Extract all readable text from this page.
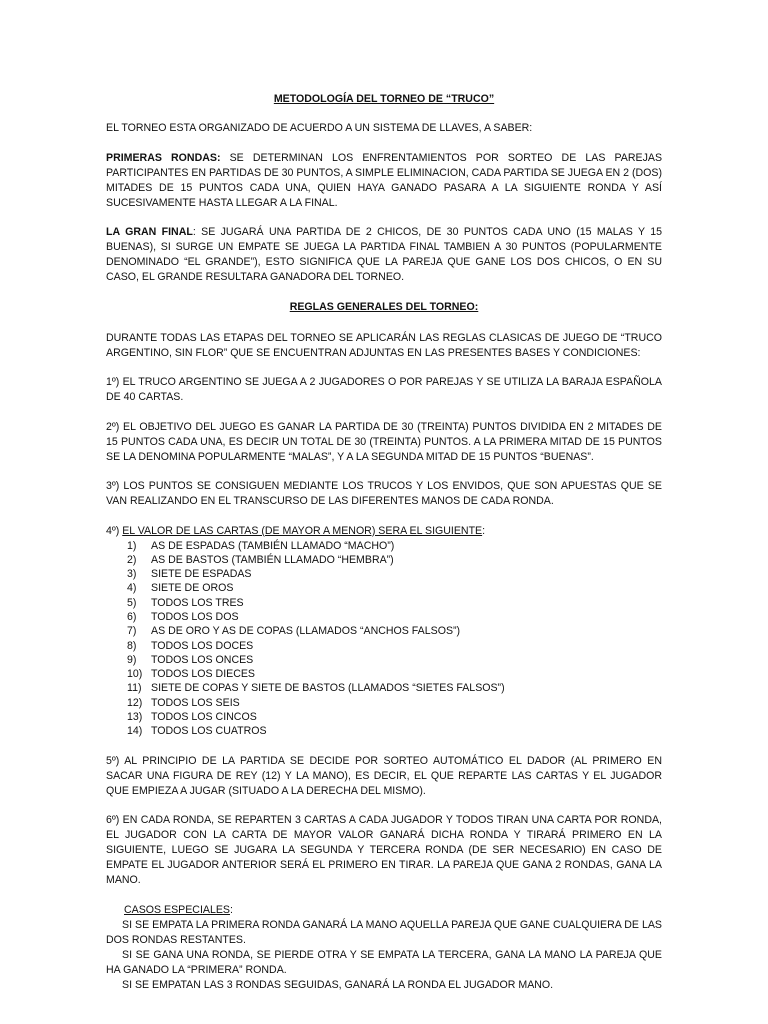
METODOLOGÍA DEL TORNEO DE “TRUCO”

EL TORNEO ESTA ORGANIZADO DE ACUERDO A UN SISTEMA DE LLAVES, A SABER:

PRIMERAS RONDAS: SE DETERMINAN LOS ENFRENTAMIENTOS POR SORTEO DE LAS PAREJAS PARTICIPANTES EN PARTIDAS DE 30 PUNTOS, A SIMPLE ELIMINACION, CADA PARTIDA SE JUEGA EN 2 (DOS) MITADES DE 15 PUNTOS CADA UNA, QUIEN HAYA GANADO PASARA A LA SIGUIENTE RONDA Y ASÍ SUCESIVAMENTE HASTA LLEGAR A LA FINAL.

LA GRAN FINAL: SE JUGARÁ UNA PARTIDA DE 2 CHICOS, DE 30 PUNTOS CADA UNO (15 MALAS Y 15 BUENAS), SI SURGE UN EMPATE SE JUEGA LA PARTIDA FINAL TAMBIEN A 30 PUNTOS (POPULARMENTE DENOMINADO “EL GRANDE”), ESTO SIGNIFICA QUE LA PAREJA QUE GANE LOS DOS CHICOS, O EN SU CASO, EL GRANDE RESULTARA GANADORA DEL TORNEO.

REGLAS GENERALES DEL TORNEO:

DURANTE TODAS LAS ETAPAS DEL TORNEO SE APLICARÁN LAS REGLAS CLASICAS DE JUEGO DE “TRUCO ARGENTINO, SIN FLOR” QUE SE ENCUENTRAN ADJUNTAS EN LAS PRESENTES BASES Y CONDICIONES:

1º) EL TRUCO ARGENTINO SE JUEGA A 2 JUGADORES O POR PAREJAS Y SE UTILIZA LA BARAJA ESPAÑOLA DE 40 CARTAS.

2º) EL OBJETIVO DEL JUEGO ES GANAR LA PARTIDA DE 30 (TREINTA) PUNTOS DIVIDIDA EN 2 MITADES DE 15 PUNTOS CADA UNA, ES DECIR UN TOTAL DE 30 (TREINTA) PUNTOS. A LA PRIMERA MITAD DE 15 PUNTOS SE LA DENOMINA POPULARMENTE “MALAS”, Y A LA SEGUNDA MITAD DE 15 PUNTOS “BUENAS”.

3º) LOS PUNTOS SE CONSIGUEN MEDIANTE LOS TRUCOS Y LOS ENVIDOS, QUE SON APUESTAS QUE SE VAN REALIZANDO EN EL TRANSCURSO DE LAS DIFERENTES MANOS DE CADA RONDA.

4º) EL VALOR DE LAS CARTAS (DE MAYOR A MENOR) SERA EL SIGUIENTE:

1)	AS DE ESPADAS (TAMBIÉN LLAMADO “MACHO”)
2)	AS DE BASTOS (TAMBIÉN LLAMADO “HEMBRA”)
3)	SIETE DE ESPADAS
4)	SIETE DE OROS
5)	TODOS LOS TRES
6)	TODOS LOS DOS
7)	AS DE ORO Y AS DE COPAS (LLAMADOS “ANCHOS FALSOS”)
8)	TODOS LOS DOCES
9)	TODOS LOS ONCES
10) TODOS LOS DIECES
11) SIETE DE COPAS Y SIETE DE BASTOS (LLAMADOS “SIETES FALSOS”)
12) TODOS LOS SEIS
13) TODOS LOS CINCOS
14) TODOS LOS CUATROS

5º) AL PRINCIPIO DE LA PARTIDA SE DECIDE POR SORTEO AUTOMÁTICO EL DADOR (AL PRIMERO EN SACAR UNA FIGURA DE REY (12) Y LA MANO), ES DECIR, EL QUE REPARTE LAS CARTAS Y EL JUGADOR QUE EMPIEZA A JUGAR (SITUADO A LA DERECHA DEL MISMO).

6º) EN CADA RONDA, SE REPARTEN 3 CARTAS A CADA JUGADOR Y TODOS TIRAN UNA CARTA POR RONDA, EL JUGADOR CON LA CARTA DE MAYOR VALOR GANARÁ DICHA RONDA Y TIRARÁ PRIMERO EN LA SIGUIENTE, LUEGO SE JUGARA LA SEGUNDA Y TERCERA RONDA (DE SER NECESARIO) EN CASO DE EMPATE EL JUGADOR ANTERIOR SERÁ EL PRIMERO EN TIRAR. LA PAREJA QUE GANA 2 RONDAS, GANA LA MANO.

CASOS ESPECIALES:
SI SE EMPATA LA PRIMERA RONDA GANARÁ LA MANO AQUELLA PAREJA QUE GANE CUALQUIERA DE LAS DOS RONDAS RESTANTES.
SI SE GANA UNA RONDA, SE PIERDE OTRA Y SE EMPATA LA TERCERA, GANA LA MANO LA PAREJA QUE HA GANADO LA “PRIMERA” RONDA.
SI SE EMPATAN LAS 3 RONDAS SEGUIDAS, GANARÁ LA RONDA EL JUGADOR MANO.
